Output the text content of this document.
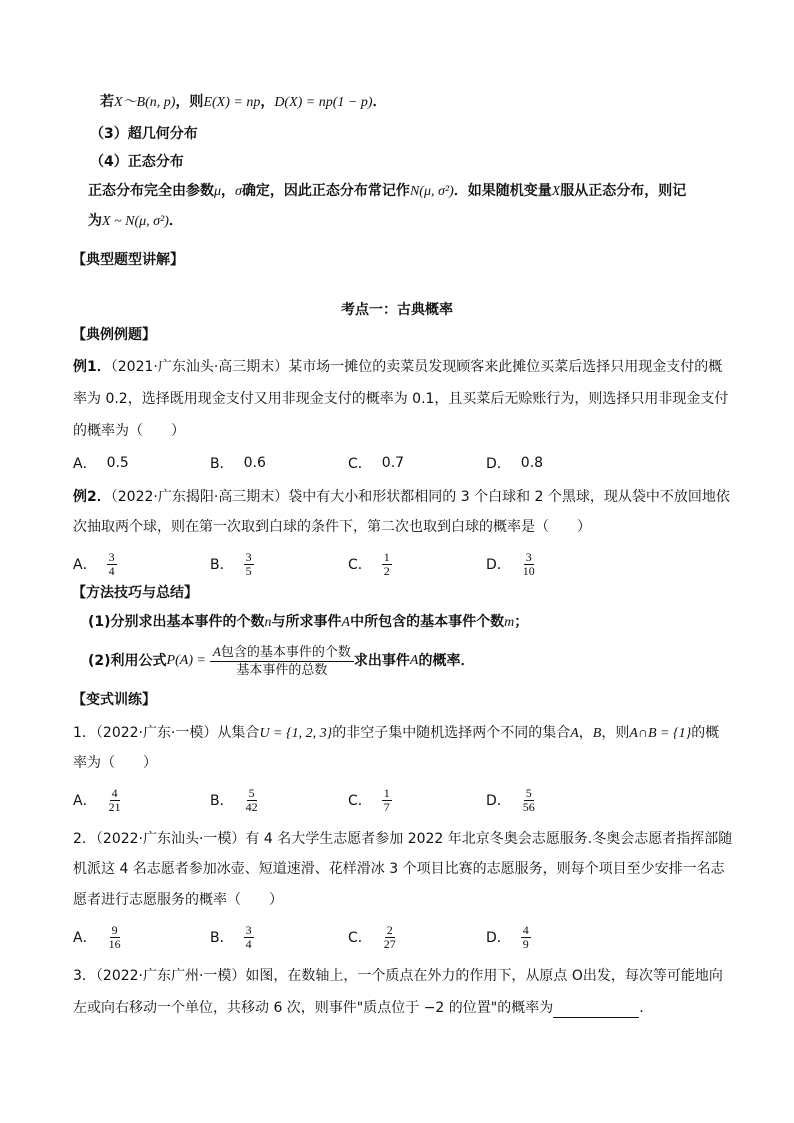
若X～B(n, p)，则E(X) = np，D(X) = np(1 − p)．
（3）超几何分布
（4）正态分布
正态分布完全由参数μ，σ确定，因此正态分布常记作N(μ, σ²)．如果随机变量X服从正态分布，则记
为X ~ N(μ, σ²)．
【典型题型讲解】
考点一：古典概率
【典例例题】
例1．（2021·广东汕头·高三期末）某市场一摊位的卖菜员发现顾客来此摊位买菜后选择只用现金支付的概
率为 0.2，选择既用现金支付又用非现金支付的概率为 0.1，且买菜后无赊账行为，则选择只用非现金支付
的概率为（　　）
A． 0.5	B． 0.6	C． 0.7	D． 0.8
例2．（2022·广东揭阳·高三期末）袋中有大小和形状都相同的 3 个白球和 2 个黑球，现从袋中不放回地依
次抽取两个球，则在第一次取到白球的条件下，第二次也取到白球的概率是（　　）
A． $\frac{3}{4}$	B． $\frac{3}{5}$	C． $\frac{1}{2}$	D． $\frac{3}{10}$
【方法技巧与总结】
(1)分别求出基本事件的个数n与所求事件A中所包含的基本事件个数m；
(2)利用公式 P(A) =
A包含的基本事件的个数
基本事件的总数
求出事件 A 的概率．
【变式训练】
1．（2022·广东·一模）从集合U = {1, 2, 3}的非空子集中随机选择两个不同的集合A，B，则A∩B = {1}的概
率为（　　）
A． $\frac{4}{21}$	B． $\frac{5}{42}$	C． $\frac{1}{7}$	D． $\frac{5}{56}$
2．（2022·广东汕头·一模）有 4 名大学生志愿者参加 2022 年北京冬奥会志愿服务.冬奥会志愿者指挥部随
机派这 4 名志愿者参加冰壶、短道速滑、花样滑冰 3 个项目比赛的志愿服务，则每个项目至少安排一名志
愿者进行志愿服务的概率（　　）
A． $\frac{9}{16}$	B． $\frac{3}{4}$	C． $\frac{2}{27}$	D． $\frac{4}{9}$
3．（2022·广东广州·一模）如图，在数轴上，一个质点在外力的作用下，从原点 O出发，每次等可能地向
左或向右移动一个单位，共移动 6 次，则事件"质点位于 −2 的位置"的概率为	.
